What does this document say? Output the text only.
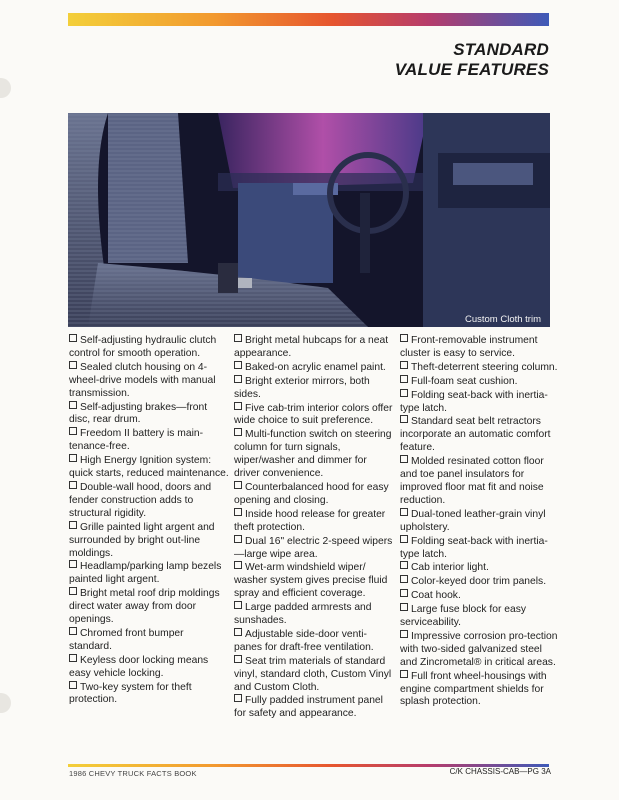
STANDARD
VALUE FEATURES
Custom Cloth trim

Self-adjusting hydraulic clutch control for smooth operation.

Sealed clutch housing on 4-wheel-drive models with manual transmission.

Self-adjusting brakes—front disc, rear drum.

Freedom II battery is main-tenance-free.

High Energy Ignition system: quick starts, reduced maintenance.

Double-wall hood, doors and fender construction adds to structural rigidity.

Grille painted light argent and surrounded by bright out-line moldings.

Headlamp/parking lamp bezels painted light argent.

Bright metal roof drip moldings direct water away from door openings.

Chromed front bumper standard.

Keyless door locking means easy vehicle locking.

Two-key system for theft protection.

Bright metal hubcaps for a neat appearance.

Baked-on acrylic enamel paint.

Bright exterior mirrors, both sides.

Five cab-trim interior colors offer wide choice to suit preference.

Multi-function switch on steering column for turn signals, wiper/washer and dimmer for driver convenience.

Counterbalanced hood for easy opening and closing.

Inside hood release for greater theft protection.

Dual 16" electric 2-speed wipers—large wipe area.

Wet-arm windshield wiper/ washer system gives precise fluid spray and efficient coverage.

Large padded armrests and sunshades.

Adjustable side-door venti-panes for draft-free ventilation.

Seat trim materials of standard vinyl, standard cloth, Custom Vinyl and Custom Cloth.

Fully padded instrument panel for safety and appearance.

Front-removable instrument cluster is easy to service.

Theft-deterrent steering column.

Full-foam seat cushion.

Folding seat-back with inertia-type latch.

Standard seat belt retractors incorporate an automatic comfort feature.

Molded resinated cotton floor and toe panel insulators for improved floor mat fit and noise reduction.

Dual-toned leather-grain vinyl upholstery.

Folding seat-back with inertia-type latch.

Cab interior light.

Color-keyed door trim panels.

Coat hook.

Large fuse block for easy serviceability.

Impressive corrosion pro-tection with two-sided galvanized steel and Zincrometal® in critical areas.

Full front wheel-housings with engine compartment shields for splash protection.

1986 CHEVY TRUCK FACTS BOOK	C/K CHASSIS-CAB—PG 3A
